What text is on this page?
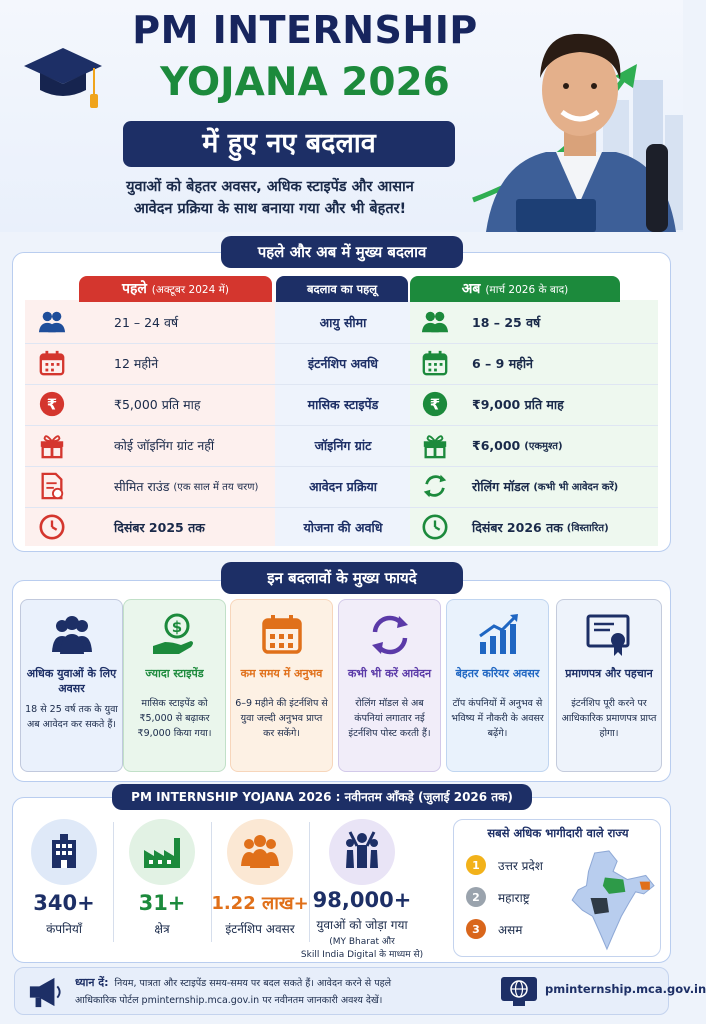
PM INTERNSHIP
YOJANA 2026
में हुए नए बदलाव
युवाओं को बेहतर अवसर, अधिक स्टाइपेंड और आसान
आवेदन प्रक्रिया के साथ बनाया गया और भी बेहतर!
पहले और अब में मुख्य बदलाव
पहले (अक्टूबर 2024 में)	बदलाव का पहलू	अब (मार्च 2026 के बाद)
21 – 24 वर्ष	आयु सीमा	18 – 25 वर्ष
12 महीने	इंटर्नशिप अवधि	6 – 9 महीने
₹	₹
₹5,000 प्रति माह	मासिक स्टाइपेंड	₹9,000 प्रति माह
कोई जॉइनिंग ग्रांट नहीं	जॉइनिंग ग्रांट	₹6,000 (एकमुश्त)
सीमित राउंड (एक साल में तय चरण)	आवेदन प्रक्रिया	रोलिंग मॉडल (कभी भी आवेदन करें)
दिसंबर 2025 तक	योजना की अवधि	दिसंबर 2026 तक (विस्तारित)
इन बदलावों के मुख्य फायदे
अधिक युवाओं के लिए अवसर
18 से 25 वर्ष तक के युवा अब आवेदन कर सकते हैं।
$
ज्यादा स्टाइपेंड
मासिक स्टाइपेंड को ₹5,000 से बढ़ाकर ₹9,000 किया गया।
कम समय में अनुभव
6–9 महीने की इंटर्नशिप से युवा जल्दी अनुभव प्राप्त कर सकेंगे।
कभी भी करें आवेदन
रोलिंग मॉडल से अब कंपनियां लगातार नई इंटर्नशिप पोस्ट करती हैं।
बेहतर करियर अवसर
टॉप कंपनियों में अनुभव से भविष्य में नौकरी के अवसर बढ़ेंगे।
प्रमाणपत्र और पहचान
इंटर्नशिप पूरी करने पर आधिकारिक प्रमाणपत्र प्राप्त होगा।
PM INTERNSHIP YOJANA 2026 : नवीनतम आँकड़े (जुलाई 2026 तक)
340+
कंपनियाँ
31+
क्षेत्र
1.22 लाख+
इंटर्नशिप अवसर
98,000+
युवाओं को जोड़ा गया
(MY Bharat और
Skill India Digital के माध्यम से)
सबसे अधिक भागीदारी वाले राज्य
1	उत्तर प्रदेश
2	महाराष्ट्र
3	असम
ध्यान दें: नियम, पात्रता और स्टाइपेंड समय-समय पर बदल सकते हैं। आवेदन करने से पहले
आधिकारिक पोर्टल pminternship.mca.gov.in पर नवीनतम जानकारी अवश्य देखें।
pminternship.mca.gov.in
